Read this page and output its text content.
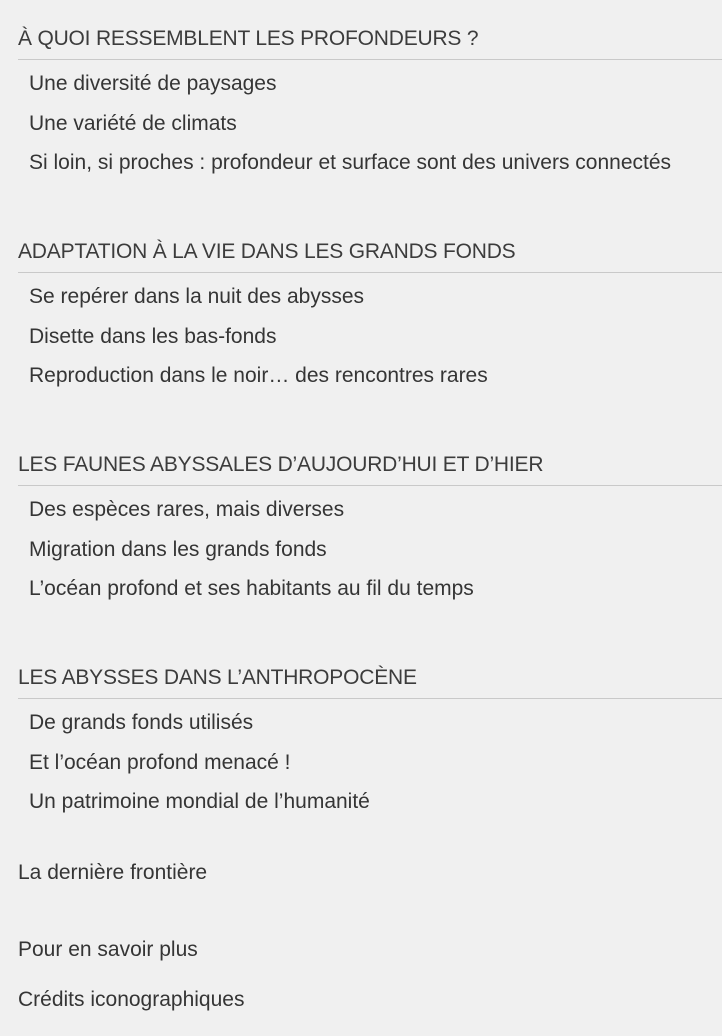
À QUOI RESSEMBLENT LES PROFONDEURS ?
Une diversité de paysages
Une variété de climats
Si loin, si proches : profondeur et surface sont des univers connectés
ADAPTATION À LA VIE DANS LES GRANDS FONDS
Se repérer dans la nuit des abysses
Disette dans les bas-fonds
Reproduction dans le noir… des rencontres rares
LES FAUNES ABYSSALES D’AUJOURD’HUI ET D’HIER
Des espèces rares, mais diverses
Migration dans les grands fonds
L’océan profond et ses habitants au fil du temps
LES ABYSSES DANS L’ANTHROPOCÈNE
De grands fonds utilisés
Et l’océan profond menacé !
Un patrimoine mondial de l’humanité
La dernière frontière
Pour en savoir plus
Crédits iconographiques
